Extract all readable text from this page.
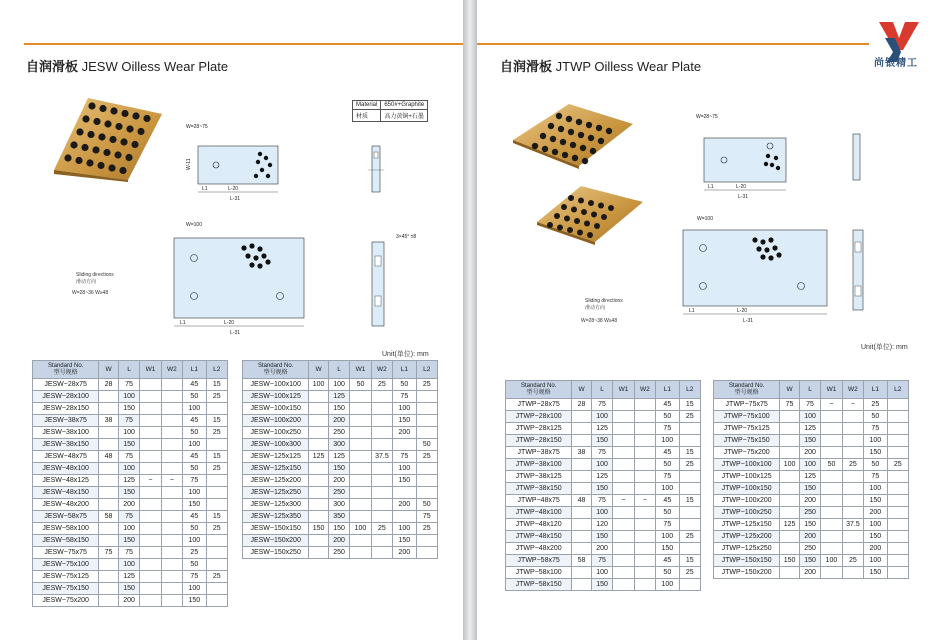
自润滑板 JESW Oilless Wear Plate
Material	650#+Graphite
材质	高力黄铜+石墨
W=28~75
L1	L-20
L-31
W-11
W=100
L1	L-20
L-31
Sliding directions
滑动方向
W=28~36 W≥48
3×45° ±8
Unit(单位): mm
Standard No.
型号规格	W	L	W1	W2	L1	L2
JESW−28x75	28	75			45	15
JESW−28x100		100			50	25
JESW−28x150		150			100	
JESW−38x75	38	75			45	15
JESW−38x100		100			50	25
JESW−38x150		150			100	
JESW−48x75	48	75			45	15
JESW−48x100		100			50	25
JESW−48x125		125	−	−	75	
JESW−48x150		150			100	
JESW−48x200		200			150	
JESW−58x75	58	75			45	15
JESW−58x100		100			50	25
JESW−58x150		150			100	
JESW−75x75	75	75			25	
JESW−75x100		100			50	
JESW−75x125		125			75	25
JESW−75x150		150			100	
JESW−75x200		200			150	
Standard No.
型号规格	W	L	W1	W2	L1	L2
JESW−100x100	100	100	50	25	50	25
JESW−100x125		125			75	
JESW−100x150		150			100	
JESW−100x200		200			150	
JESW−100x250		250			200	
JESW−100x300		300				50
JESW−125x125	125	125		37.5	75	25
JESW−125x150		150			100	
JESW−125x200		200			150	
JESW−125x250		250				
JESW−125x300		300			200	50
JESW−125x350		350				75
JESW−150x150	150	150	100	25	100	25
JESW−150x200		200			150	
JESW−150x250		250			200	
自润滑板 JTWP Oilless Wear Plate	尚银精工
W=28~75
L1	L-20
L-31
W=100
L1	L-20
L-31
Sliding directions
滑动方向
W=28~38 W≥48
Unit(单位): mm
Standard No.
型号规格	W	L	W1	W2	L1	L2
JTWP−28x75	28	75			45	15
JTWP−28x100		100			50	25
JTWP−28x125		125			75	
JTWP−28x150		150			100	
JTWP−38x75	38	75			45	15
JTWP−38x100		100			50	25
JTWP−38x125		125			75	
JTWP−38x150		150			100	
JTWP−48x75	48	75	−	−	45	15
JTWP−48x100		100			50	
JTWP−48x120		120			75	
JTWP−48x150		150			100	25
JTWP−48x200		200			150	
JTWP−58x75	58	75			45	15
JTWP−58x100		100			50	25
JTWP−58x150		150			100	
Standard No.
型号规格	W	L	W1	W2	L1	L2
JTWP−75x75	75	75	−	−	25	
JTWP−75x100		100			50	
JTWP−75x125		125			75	
JTWP−75x150		150			100	
JTWP−75x200		200			150	
JTWP−100x100	100	100	50	25	50	25
JTWP−100x125		125			75	
JTWP−100x150		150			100	
JTWP−100x200		200			150	
JTWP−100x250		250			200	
JTWP−125x150	125	150		37.5	100	
JTWP−125x200		200			150	
JTWP−125x250		250			200	
JTWP−150x150	150	150	100	25	100	
JTWP−150x200		200			150	
